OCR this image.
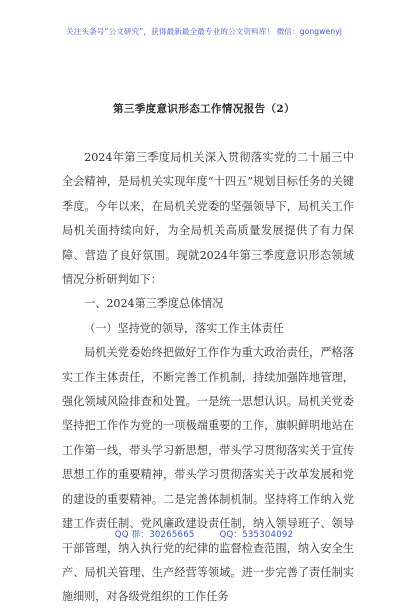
关注头条号“公文研究”，获得最新最全最专业的公文资料库！ 微信：gongwenyj
第三季度意识形态工作情况报告（2）

2024年第三季度局机关深入贯彻落实党的二十届三中全会精神，是局机关实现年度“十四五”规划目标任务的关键季度。今年以来，在局机关党委的坚强领导下，局机关工作局机关面持续向好，为全局机关高质量发展提供了有力保障、营造了良好氛围。现就2024年第三季度意识形态领域情况分析研判如下：

一、2024第三季度总体情况

（一）坚持党的领导，落实工作主体责任

局机关党委始终把做好工作作为重大政治责任，严格落实工作主体责任，不断完善工作机制，持续加强阵地管理，强化领域风险排查和处置。一是统一思想认识。局机关党委坚持把工作作为党的一项极端重要的工作，旗帜鲜明地站在工作第一线，带头学习新思想，带头学习贯彻落实关于宣传思想工作的重要精神，带头学习贯彻落实关于改革发展和党的建设的重要精神。二是完善体制机制。坚持将工作纳入党建工作责任制、党风廉政建设责任制，纳入领导班子、领导干部管理，纳入执行党的纪律的监督检查范围，纳入安全生产、局机关管理、生产经营等领域。进一步完善了责任制实施细则，对各级党组织的工作任务

QQ 群：30265665	QQ：535304092
